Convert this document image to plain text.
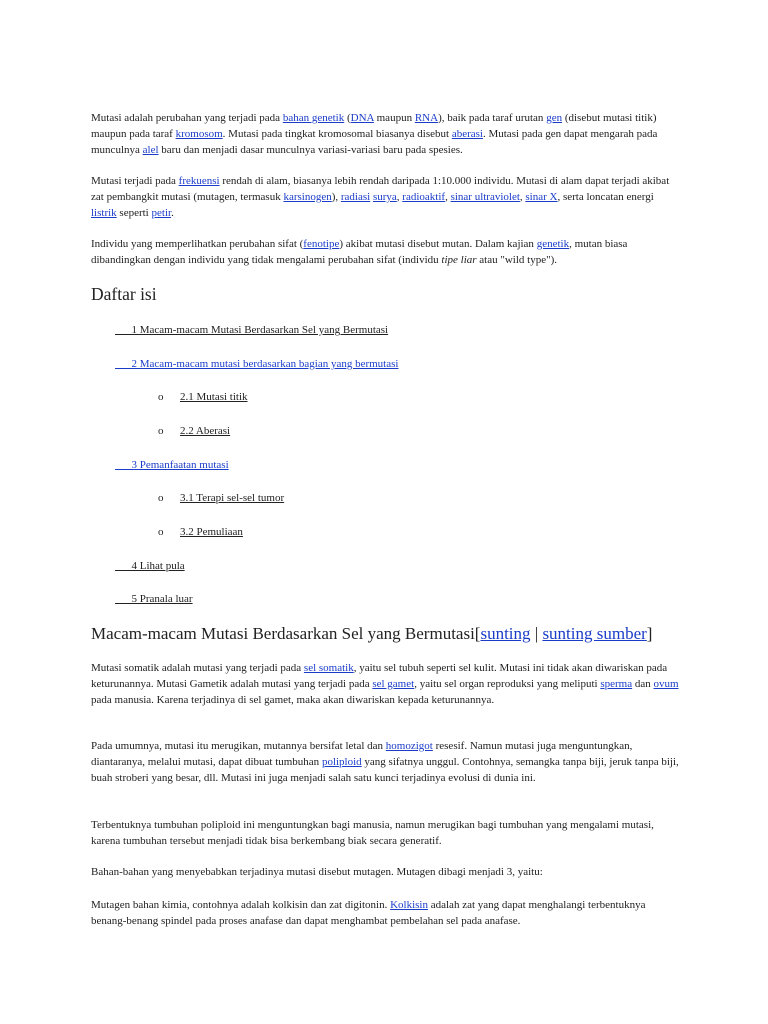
Mutasi adalah perubahan yang terjadi pada bahan genetik (DNA maupun RNA), baik pada taraf urutan gen (disebut mutasi titik) maupun pada taraf kromosom. Mutasi pada tingkat kromosomal biasanya disebut aberasi. Mutasi pada gen dapat mengarah pada munculnya alel baru dan menjadi dasar munculnya variasi-variasi baru pada spesies.

Mutasi terjadi pada frekuensi rendah di alam, biasanya lebih rendah daripada 1:10.000 individu. Mutasi di alam dapat terjadi akibat zat pembangkit mutasi (mutagen, termasuk karsinogen), radiasi surya, radioaktif, sinar ultraviolet, sinar X, serta loncatan energi listrik seperti petir.

Individu yang memperlihatkan perubahan sifat (fenotipe) akibat mutasi disebut mutan. Dalam kajian genetik, mutan biasa dibandingkan dengan individu yang tidak mengalami perubahan sifat (individu tipe liar atau "wild type").

Mutasi somatik adalah mutasi yang terjadi pada sel somatik, yaitu sel tubuh seperti sel kulit. Mutasi ini tidak akan diwariskan pada keturunannya. Mutasi Gametik adalah mutasi yang terjadi pada sel gamet, yaitu sel organ reproduksi yang meliputi sperma dan ovum pada manusia. Karena terjadinya di sel gamet, maka akan diwariskan kepada keturunannya.

Pada umumnya, mutasi itu merugikan, mutannya bersifat letal dan homozigot resesif. Namun mutasi juga menguntungkan, diantaranya, melalui mutasi, dapat dibuat tumbuhan poliploid yang sifatnya unggul. Contohnya, semangka tanpa biji, jeruk tanpa biji, buah stroberi yang besar, dll. Mutasi ini juga menjadi salah satu kunci terjadinya evolusi di dunia ini.

Terbentuknya tumbuhan poliploid ini menguntungkan bagi manusia, namun merugikan bagi tumbuhan yang mengalami mutasi, karena tumbuhan tersebut menjadi tidak bisa berkembang biak secara generatif.

Bahan-bahan yang menyebabkan terjadinya mutasi disebut mutagen. Mutagen dibagi menjadi 3, yaitu:

Mutagen bahan kimia, contohnya adalah kolkisin dan zat digitonin. Kolkisin adalah zat yang dapat menghalangi terbentuknya benang-benang spindel pada proses anafase dan dapat menghambat pembelahan sel pada anafase.

Daftar isi
1 Macam-macam Mutasi Berdasarkan Sel yang Bermutasi
2 Macam-macam mutasi berdasarkan bagian yang bermutasi
o 2.1 Mutasi titik
o 2.2 Aberasi
3 Pemanfaatan mutasi
o 3.1 Terapi sel-sel tumor
o 3.2 Pemuliaan
4 Lihat pula
5 Pranala luar
Macam-macam Mutasi Berdasarkan Sel yang Bermutasi[sunting | sunting sumber]
